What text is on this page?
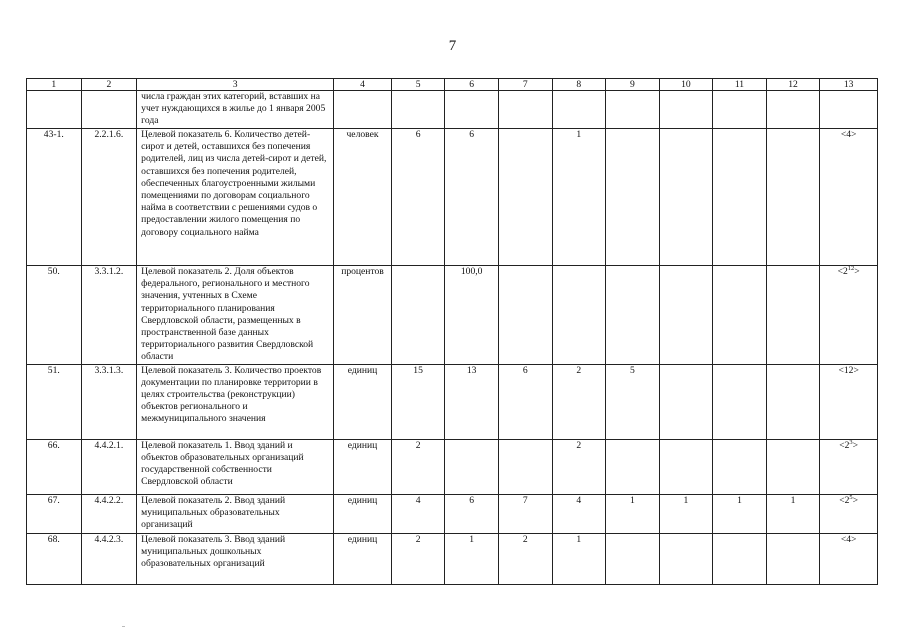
7
1	2	3	4	5	6	7	8	9	10	11	12	13
		числа граждан этих категорий, вставших на учет нуждающихся в жилье до 1 января 2005 года										
43-1.	2.2.1.6.	Целевой показатель 6. Количество детей-сирот и детей, оставшихся без попечения родителей, лиц из числа детей-сирот и детей, оставшихся без попечения родителей, обеспеченных благоустроенными жилыми помещениями по договорам социального найма в соответствии с решениями судов о предоставлении жилого помещения по договору социального найма	человек	6	6		1					<4>
50.	3.3.1.2.	Целевой показатель 2. Доля объектов федерального, регионального и местного значения, учтенных в Схеме территориального планирования Свердловской области, размещенных в пространственной базе данных территориального развития Свердловской области	процентов		100,0							$<2^{12}>$
51.	3.3.1.3.	Целевой показатель 3. Количество проектов документации по планировке территории в целях строительства (реконструкции) объектов регионального и межмуниципального значения	единиц	15	13	6	2	5				<12>
66.	4.4.2.1.	Целевой показатель 1. Ввод зданий и объектов образовательных организаций государственной собственности Свердловской области	единиц	2			2					$<2^3>$
67.	4.4.2.2.	Целевой показатель 2. Ввод зданий муниципальных образовательных организаций	единиц	4	6	7	4	1	1	1	1	$<2^5>$
68.	4.4.2.3.	Целевой показатель 3. Ввод зданий муниципальных дошкольных образовательных организаций	единиц	2	1	2	1					<4>
